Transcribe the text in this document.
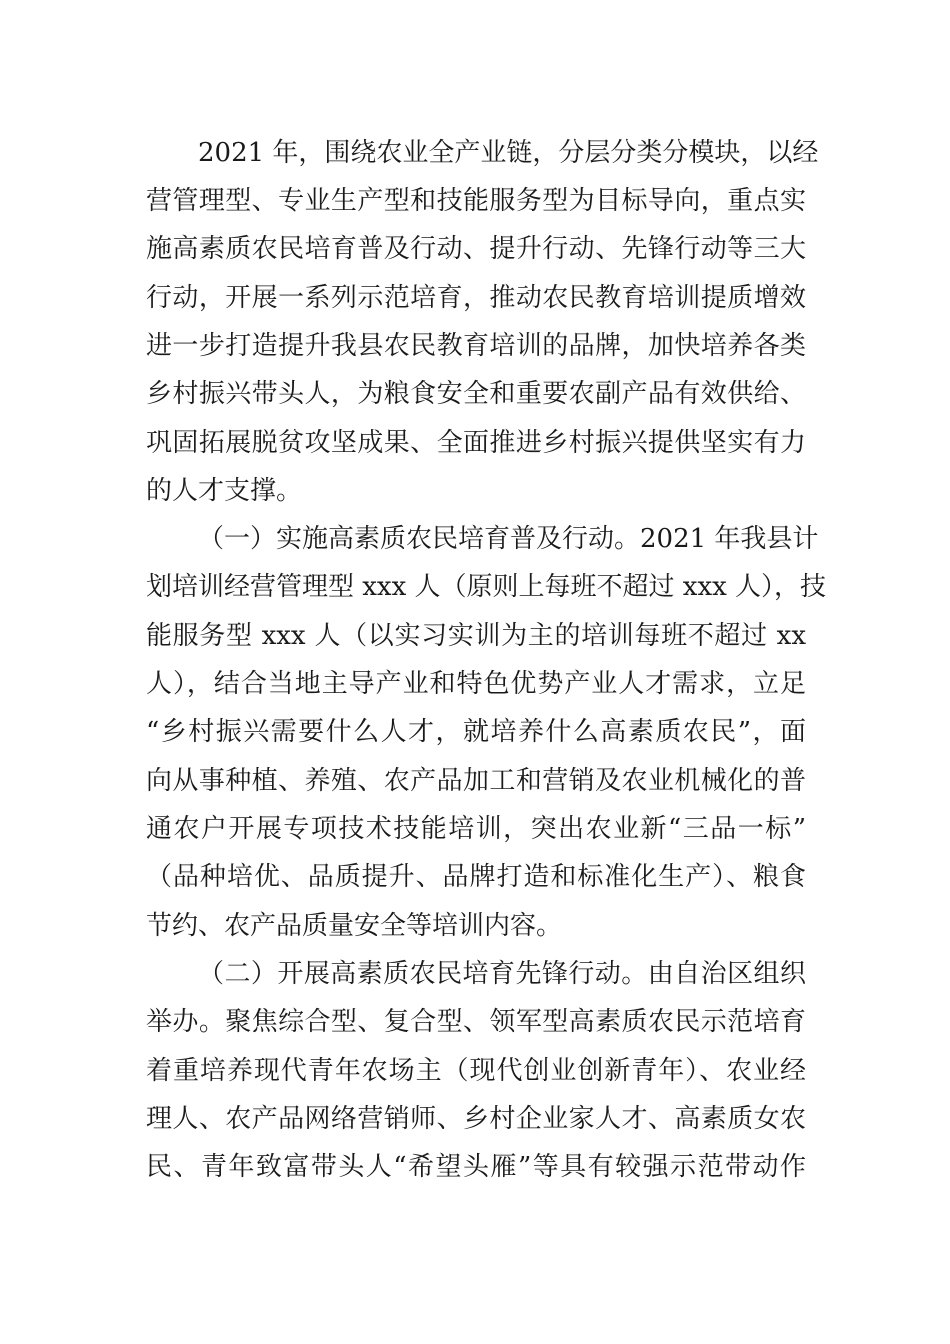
2021 年，围绕农业全产业链，分层分类分模块，以经

营管理型、专业生产型和技能服务型为目标导向，重点实

施高素质农民培育普及行动、提升行动、先锋行动等三大

行动，开展一系列示范培育，推动农民教育培训提质增效

进一步打造提升我县农民教育培训的品牌，加快培养各类

乡村振兴带头人，为粮食安全和重要农副产品有效供给、

巩固拓展脱贫攻坚成果、全面推进乡村振兴提供坚实有力

的人才支撑。

（一）实施高素质农民培育普及行动。2021 年我县计

划培训经营管理型 xxx 人（原则上每班不超过 xxx 人），技

能服务型 xxx 人（以实习实训为主的培训每班不超过 xx

人），结合当地主导产业和特色优势产业人才需求，立足

“乡村振兴需要什么人才，就培养什么高素质农民”，面

向从事种植、养殖、农产品加工和营销及农业机械化的普

通农户开展专项技术技能培训，突出农业新“三品一标”

（品种培优、品质提升、品牌打造和标准化生产）、粮食

节约、农产品质量安全等培训内容。

（二）开展高素质农民培育先锋行动。由自治区组织

举办。聚焦综合型、复合型、领军型高素质农民示范培育

着重培养现代青年农场主（现代创业创新青年）、农业经

理人、农产品网络营销师、乡村企业家人才、高素质女农

民、青年致富带头人“希望头雁”等具有较强示范带动作
